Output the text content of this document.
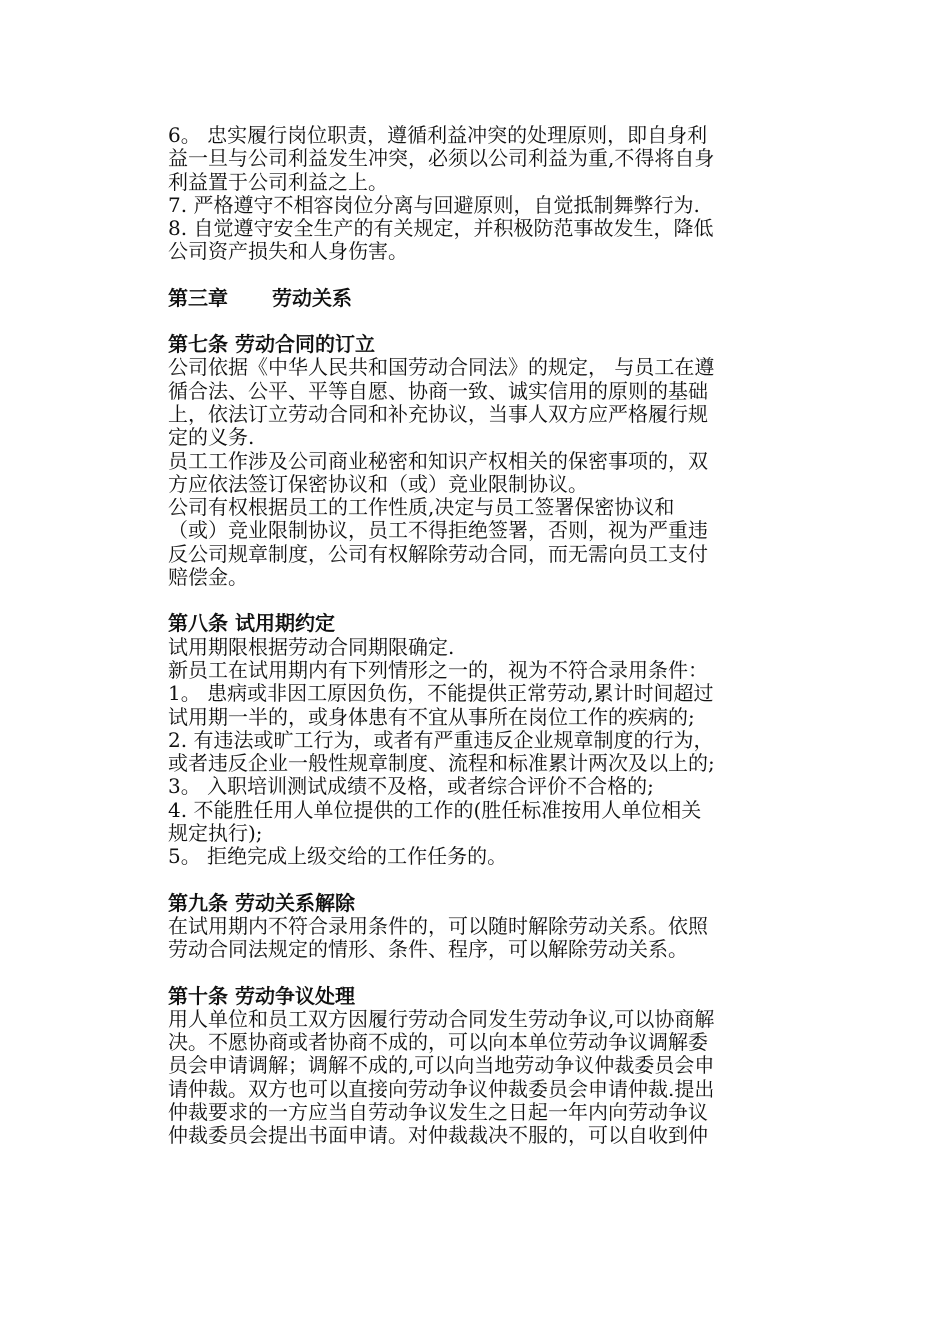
6。 忠实履行岗位职责，遵循利益冲突的处理原则，即自身利
益一旦与公司利益发生冲突，必须以公司利益为重,不得将自身
利益置于公司利益之上。
7. 严格遵守不相容岗位分离与回避原则，自觉抵制舞弊行为.
8. 自觉遵守安全生产的有关规定，并积极防范事故发生，降低
公司资产损失和人身伤害。
第三章 劳动关系
第七条 劳动合同的订立
公司依据《中华人民共和国劳动合同法》的规定， 与员工在遵
循合法、公平、平等自愿、协商一致、诚实信用的原则的基础
上，依法订立劳动合同和补充协议，当事人双方应严格履行规
定的义务.
员工工作涉及公司商业秘密和知识产权相关的保密事项的，双
方应依法签订保密协议和（或）竞业限制协议。
公司有权根据员工的工作性质,决定与员工签署保密协议和
（或）竞业限制协议，员工不得拒绝签署，否则，视为严重违
反公司规章制度，公司有权解除劳动合同，而无需向员工支付
赔偿金。
第八条 试用期约定
试用期限根据劳动合同期限确定.
新员工在试用期内有下列情形之一的，视为不符合录用条件：
1。 患病或非因工原因负伤，不能提供正常劳动,累计时间超过
试用期一半的，或身体患有不宜从事所在岗位工作的疾病的;
2. 有违法或旷工行为，或者有严重违反企业规章制度的行为，
或者违反企业一般性规章制度、流程和标准累计两次及以上的;
3。 入职培训测试成绩不及格，或者综合评价不合格的;
4. 不能胜任用人单位提供的工作的(胜任标准按用人单位相关
规定执行);
5。 拒绝完成上级交给的工作任务的。
第九条 劳动关系解除
在试用期内不符合录用条件的，可以随时解除劳动关系。依照
劳动合同法规定的情形、条件、程序，可以解除劳动关系。
第十条 劳动争议处理
用人单位和员工双方因履行劳动合同发生劳动争议,可以协商解
决。不愿协商或者协商不成的，可以向本单位劳动争议调解委
员会申请调解；调解不成的,可以向当地劳动争议仲裁委员会申
请仲裁。双方也可以直接向劳动争议仲裁委员会申请仲裁.提出
仲裁要求的一方应当自劳动争议发生之日起一年内向劳动争议
仲裁委员会提出书面申请。对仲裁裁决不服的，可以自收到仲
